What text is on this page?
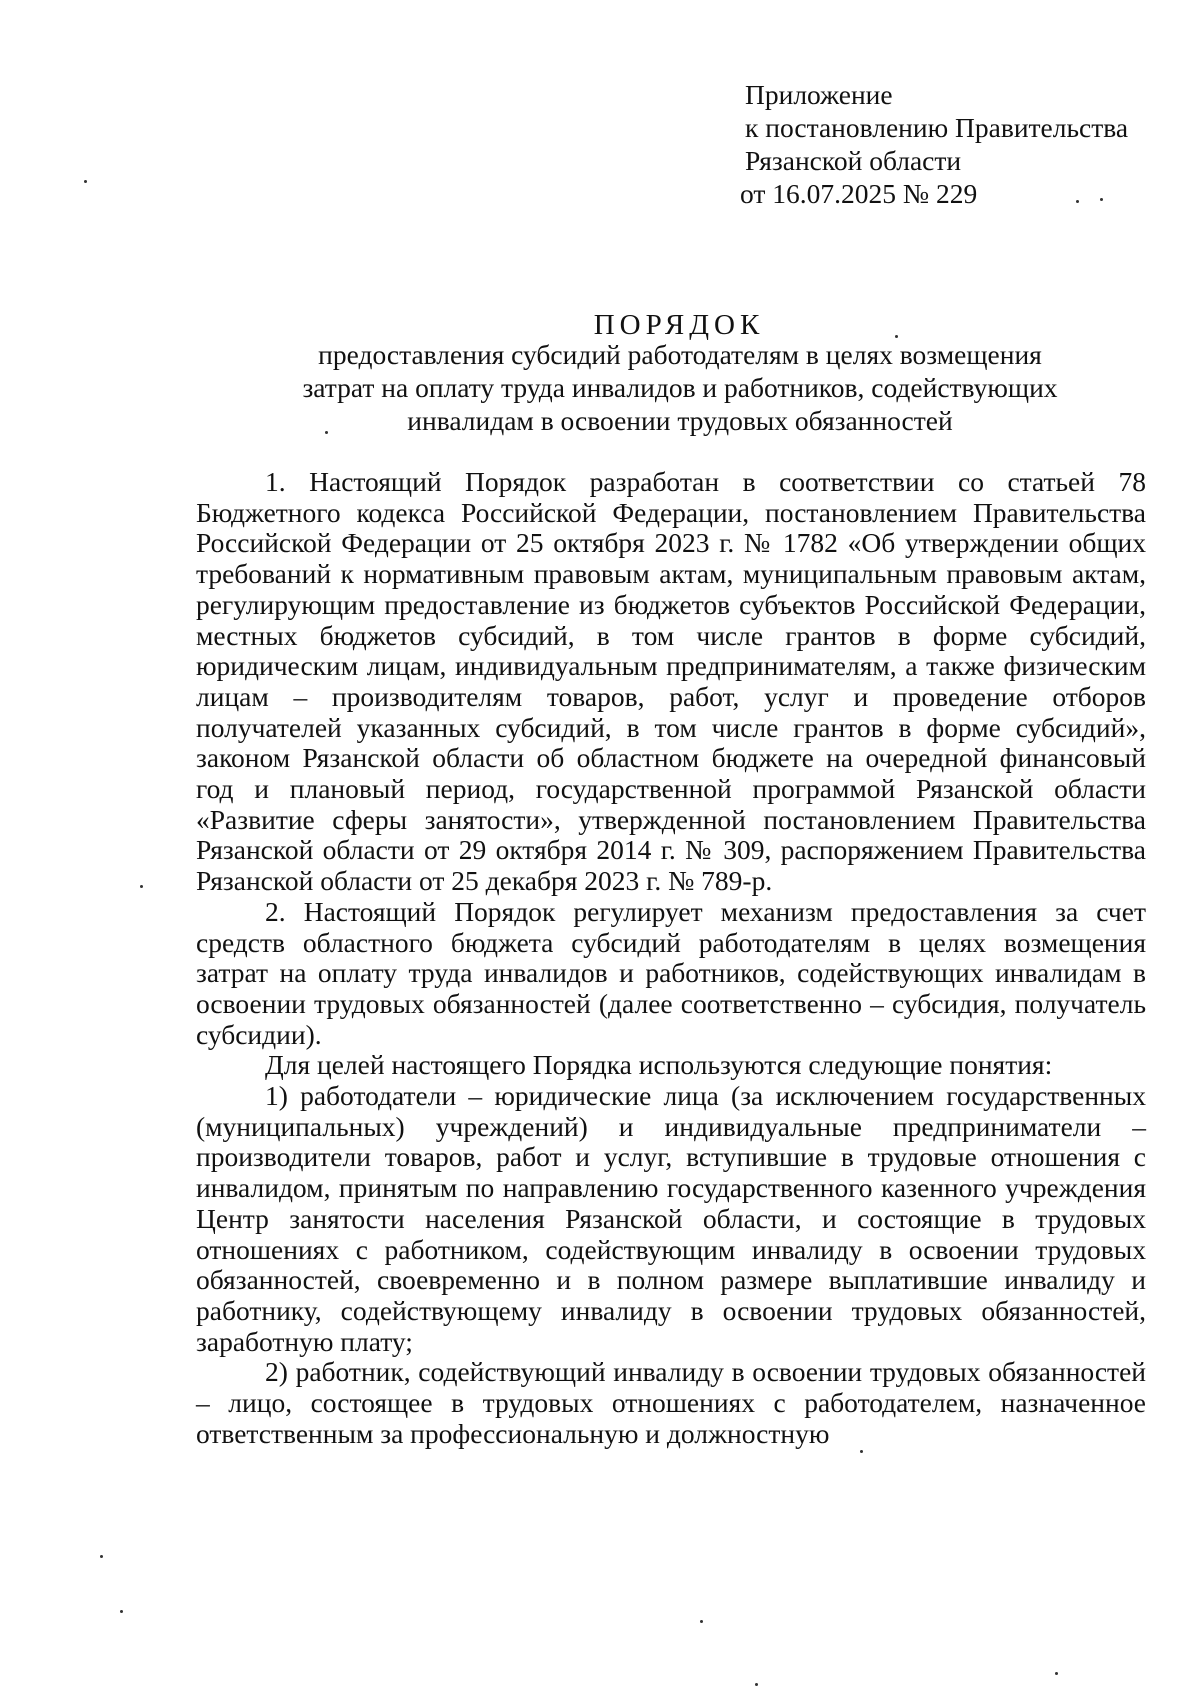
Приложение
к постановлению Правительства
Рязанской области
от 16.07.2025 № 229
ПОРЯДОК
предоставления субсидий работодателям в целях возмещения
затрат на оплату труда инвалидов и работников, содействующих
инвалидам в освоении трудовых обязанностей

1. Настоящий Порядок разработан в соответствии со статьей 78 Бюджетного кодекса Российской Федерации, постановлением Правительства Российской Федерации от 25 октября 2023 г. № 1782 «Об утверждении общих требований к нормативным правовым актам, муниципальным правовым актам, регулирующим предоставление из бюджетов субъектов Российской Федерации, местных бюджетов субсидий, в том числе грантов в форме субсидий, юридическим лицам, индивидуальным предпринимателям, а также физическим лицам – производителям товаров, работ, услуг и проведение отборов получателей указанных субсидий, в том числе грантов в форме субсидий», законом Рязанской области об областном бюджете на очередной финансовый год и плановый период, государственной программой Рязанской области «Развитие сферы занятости», утвержденной постановлением Правительства Рязанской области от 29 октября 2014 г. № 309, распоряжением Правительства Рязанской области от 25 декабря 2023 г. № 789-р.

2. Настоящий Порядок регулирует механизм предоставления за счет средств областного бюджета субсидий работодателям в целях возмещения затрат на оплату труда инвалидов и работников, содействующих инвалидам в освоении трудовых обязанностей (далее соответственно – субсидия, получатель субсидии).

Для целей настоящего Порядка используются следующие понятия:

1) работодатели – юридические лица (за исключением государственных (муниципальных) учреждений) и индивидуальные предприниматели – производители товаров, работ и услуг, вступившие в трудовые отношения с инвалидом, принятым по направлению государственного казенного учреждения Центр занятости населения Рязанской области, и состоящие в трудовых отношениях с работником, содействующим инвалиду в освоении трудовых обязанностей, своевременно и в полном размере выплатившие инвалиду и работнику, содействующему инвалиду в освоении трудовых обязанностей, заработную плату;

2) работник, содействующий инвалиду в освоении трудовых обязанностей – лицо, состоящее в трудовых отношениях с работодателем, назначенное ответственным за профессиональную и должностную
